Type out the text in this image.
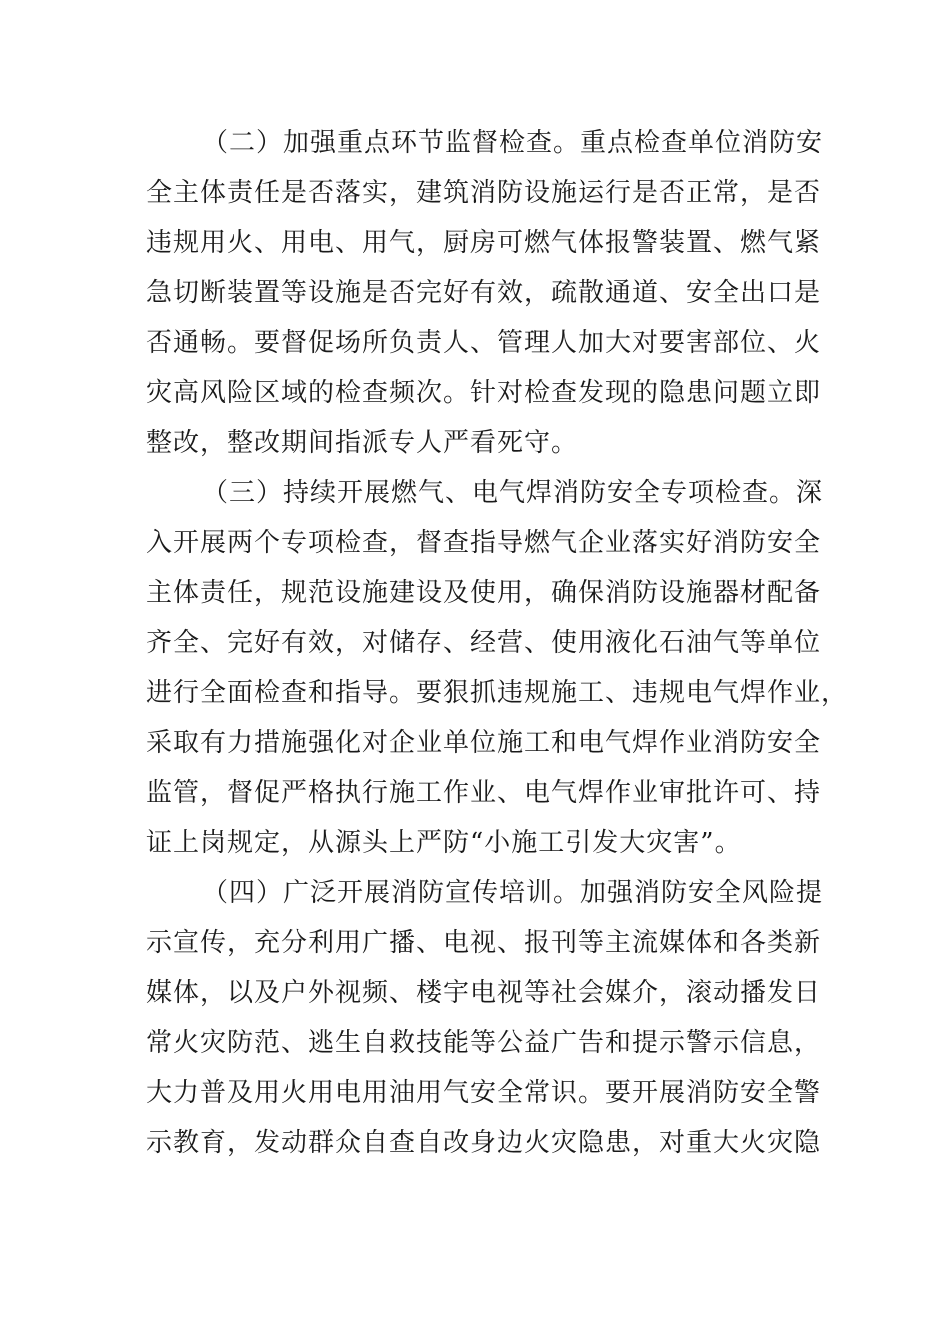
（二）加强重点环节监督检查。重点检查单位消防安
全主体责任是否落实，建筑消防设施运行是否正常，是否
违规用火、用电、用气，厨房可燃气体报警装置、燃气紧
急切断装置等设施是否完好有效，疏散通道、安全出口是
否通畅。要督促场所负责人、管理人加大对要害部位、火
灾高风险区域的检查频次。针对检查发现的隐患问题立即
整改，整改期间指派专人严看死守。
（三）持续开展燃气、电气焊消防安全专项检查。深
入开展两个专项检查，督查指导燃气企业落实好消防安全
主体责任，规范设施建设及使用，确保消防设施器材配备
齐全、完好有效，对储存、经营、使用液化石油气等单位
进行全面检查和指导。要狠抓违规施工、违规电气焊作业，
采取有力措施强化对企业单位施工和电气焊作业消防安全
监管，督促严格执行施工作业、电气焊作业审批许可、持
证上岗规定，从源头上严防“小施工引发大灾害”。
（四）广泛开展消防宣传培训。加强消防安全风险提
示宣传，充分利用广播、电视、报刊等主流媒体和各类新
媒体，以及户外视频、楼宇电视等社会媒介，滚动播发日
常火灾防范、逃生自救技能等公益广告和提示警示信息，
大力普及用火用电用油用气安全常识。要开展消防安全警
示教育，发动群众自查自改身边火灾隐患，对重大火灾隐
